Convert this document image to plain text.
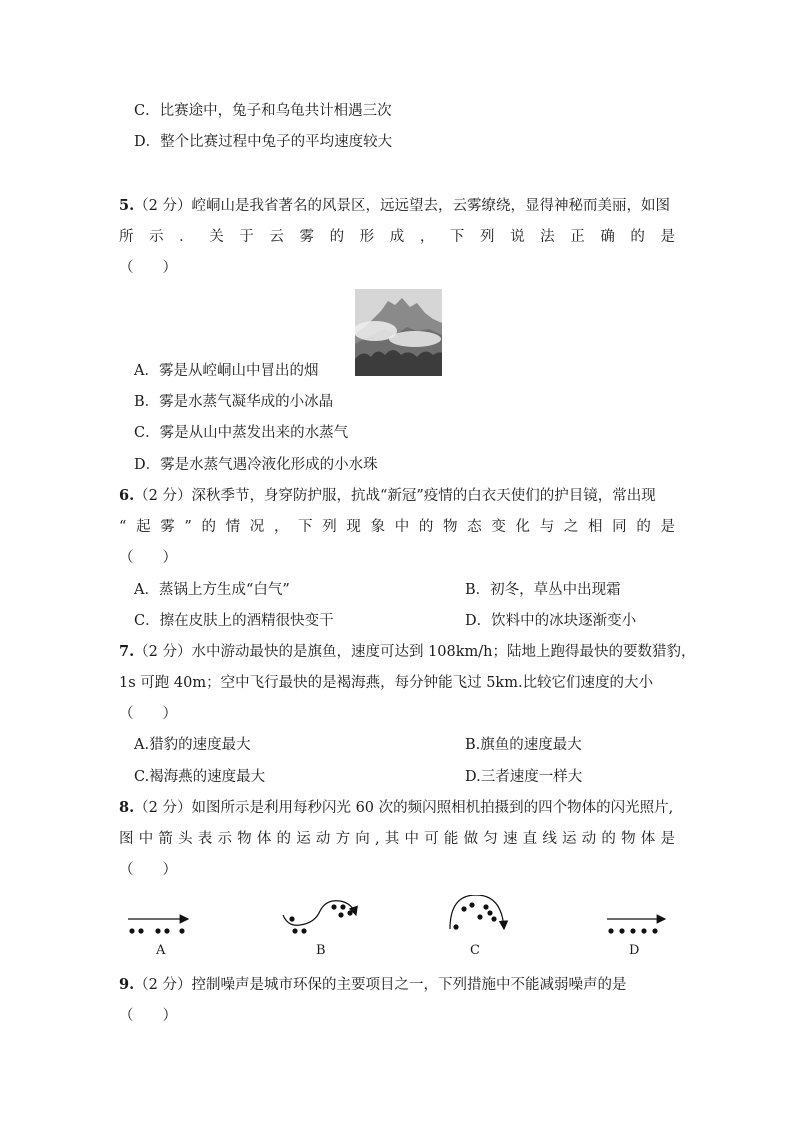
C．比赛途中，兔子和乌龟共计相遇三次
D．整个比赛过程中兔子的平均速度较大
5.（2 分）崆峒山是我省著名的风景区，远远望去，云雾缭绕，显得神秘而美丽，如图
所示．关于云雾的形成，下列说法正确的是
（　　）
A．雾是从崆峒山中冒出的烟
B．雾是水蒸气凝华成的小冰晶
C．雾是从山中蒸发出来的水蒸气
D．雾是水蒸气遇冷液化形成的小水珠
6.（2 分）深秋季节，身穿防护服，抗战“新冠”疫情的白衣天使们的护目镜，常出现
“起雾”的情况，下列现象中的物态变化与之相同的是
（　　）
A．蒸锅上方生成“白气”	B．初冬，草丛中出现霜
C．擦在皮肤上的酒精很快变干	D．饮料中的冰块逐渐变小
7.（2 分）水中游动最快的是旗鱼，速度可达到 108km/h；陆地上跑得最快的要数猎豹，
1s 可跑 40m；空中飞行最快的是褐海燕，每分钟能飞过 5km.比较它们速度的大小
（　　）
A.猎豹的速度最大	B.旗鱼的速度最大
C.褐海燕的速度最大	D.三者速度一样大
8.（2 分）如图所示是利用每秒闪光 60 次的频闪照相机拍摄到的四个物体的闪光照片,
图中箭头表示物体的运动方向,其中可能做匀速直线运动的物体是
（　　）
A	B	C	D
9.（2 分）控制噪声是城市环保的主要项目之一，下列措施中不能减弱噪声的是
（　　）
